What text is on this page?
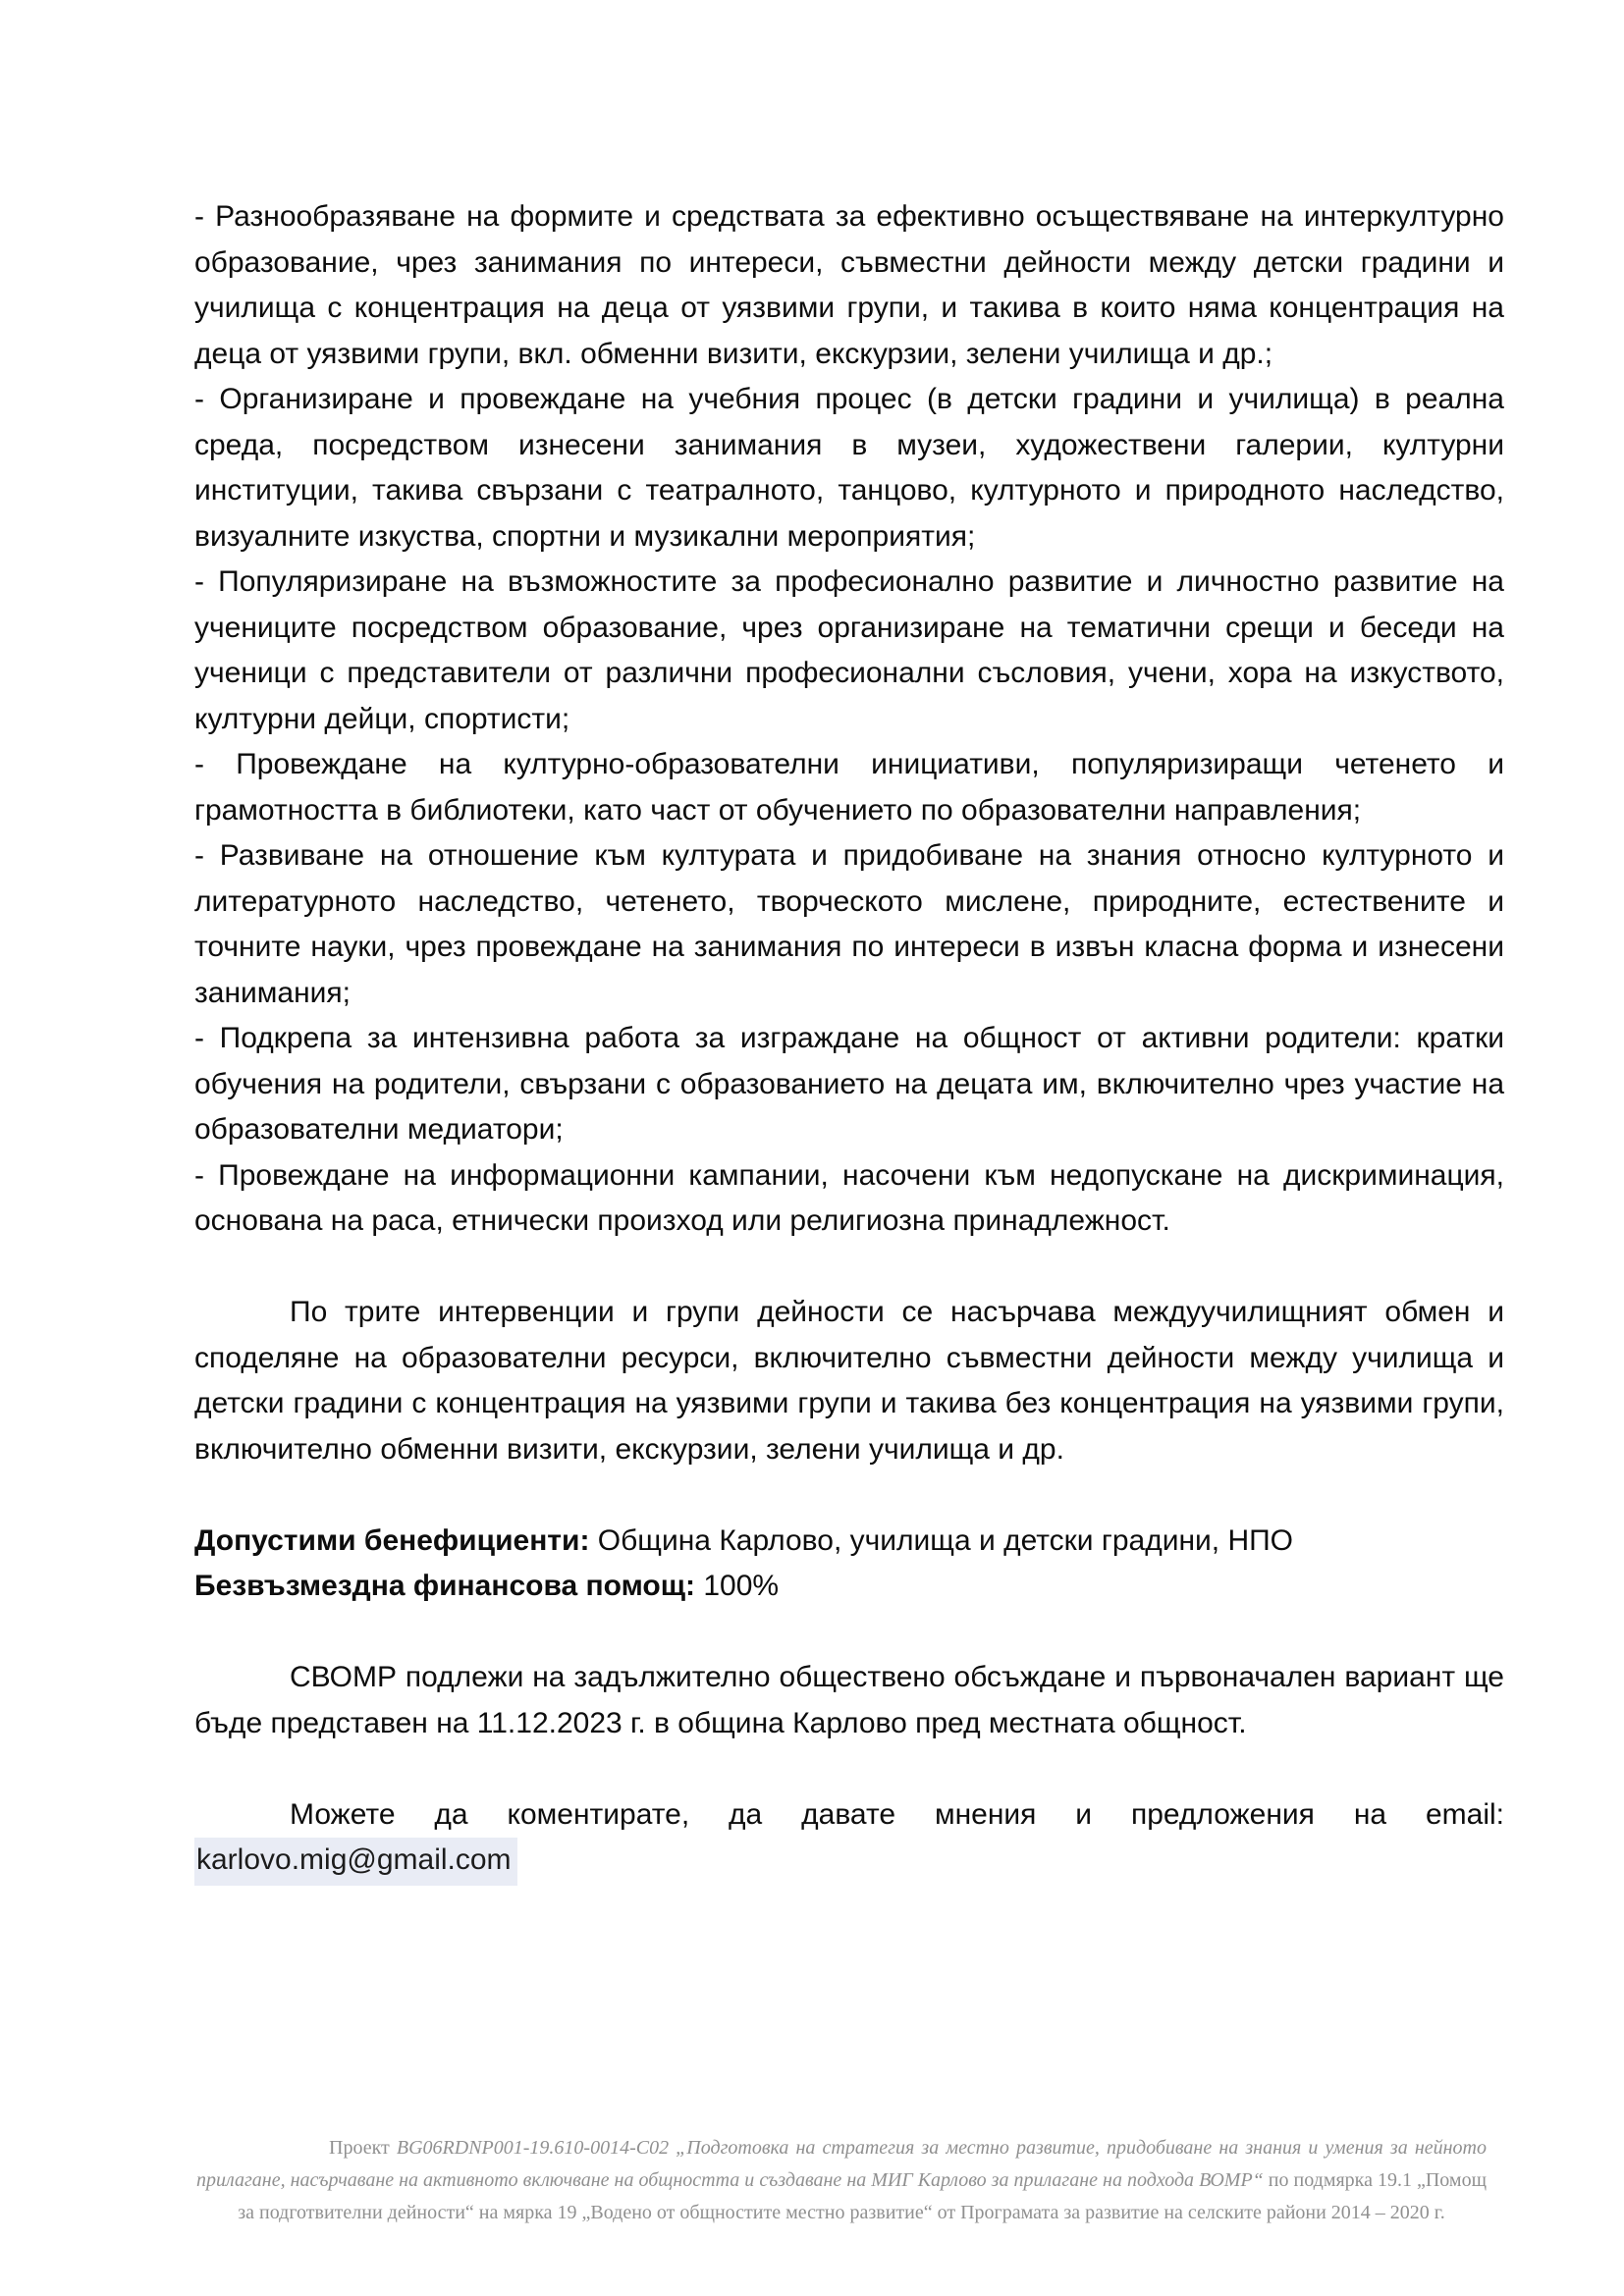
- Разнообразяване на формите и средствата за ефективно осъществяване на интеркултурно образование, чрез занимания по интереси, съвместни дейности между детски градини и училища с концентрация на деца от уязвими групи, и такива в които няма концентрация на деца от уязвими групи, вкл. обменни визити, екскурзии, зелени училища и др.;

- Организиране и провеждане на учебния процес (в детски градини и училища) в реална среда, посредством изнесени занимания в музеи, художествени галерии, културни институции, такива свързани с театралното, танцово, културното и природното наследство, визуалните изкуства, спортни и музикални мероприятия;

- Популяризиране на възможностите за професионално развитие и личностно развитие на учениците посредством образование, чрез организиране на тематични срещи и беседи на ученици с представители от различни професионални съсловия, учени, хора на изкуството, културни дейци, спортисти;

- Провеждане на културно-образователни инициативи, популяризиращи четенето и грамотността в библиотеки, като част от обучението по образователни направления;

- Развиване на отношение към културата и придобиване на знания относно културното и литературното наследство, четенето, творческото мислене, природните, естествените и точните науки, чрез провеждане на занимания по интереси в извън класна форма и изнесени занимания;

- Подкрепа за интензивна работа за изграждане на общност от активни родители: кратки обучения на родители, свързани с образованието на децата им, включително чрез участие на образователни медиатори;

- Провеждане на информационни кампании, насочени към недопускане на дискриминация, основана на раса, етнически произход или религиозна принадлежност.

По трите интервенции и групи дейности се насърчава междуучилищният обмен и споделяне на образователни ресурси, включително съвместни дейности между училища и детски градини с концентрация на уязвими групи и такива без концентрация на уязвими групи, включително обменни визити, екскурзии, зелени училища и др.

Допустими бенефициенти: Община Карлово, училища и детски градини, НПО

Безвъзмездна финансова помощ: 100%

СВОМР подлежи на задължително обществено обсъждане и първоначален вариант ще бъде представен на 11.12.2023 г. в община Карлово пред местната общност.

Можете да коментирате, да давате мнения и предложения на email:

karlovo.mig@gmail.com
Проект BG06RDNP001-19.610-0014-C02 „Подготовка на стратегия за местно развитие, придобиване на знания и умения за нейното прилагане, насърчаване на активното включване на общността и създаване на МИГ Карлово за прилагане на подхода ВОМР“ по подмярка 19.1 „Помощ за подготвителни дейности“ на мярка 19 „Водено от общностите местно развитие“ от Програмата за развитие на селските райони 2014 – 2020 г.
